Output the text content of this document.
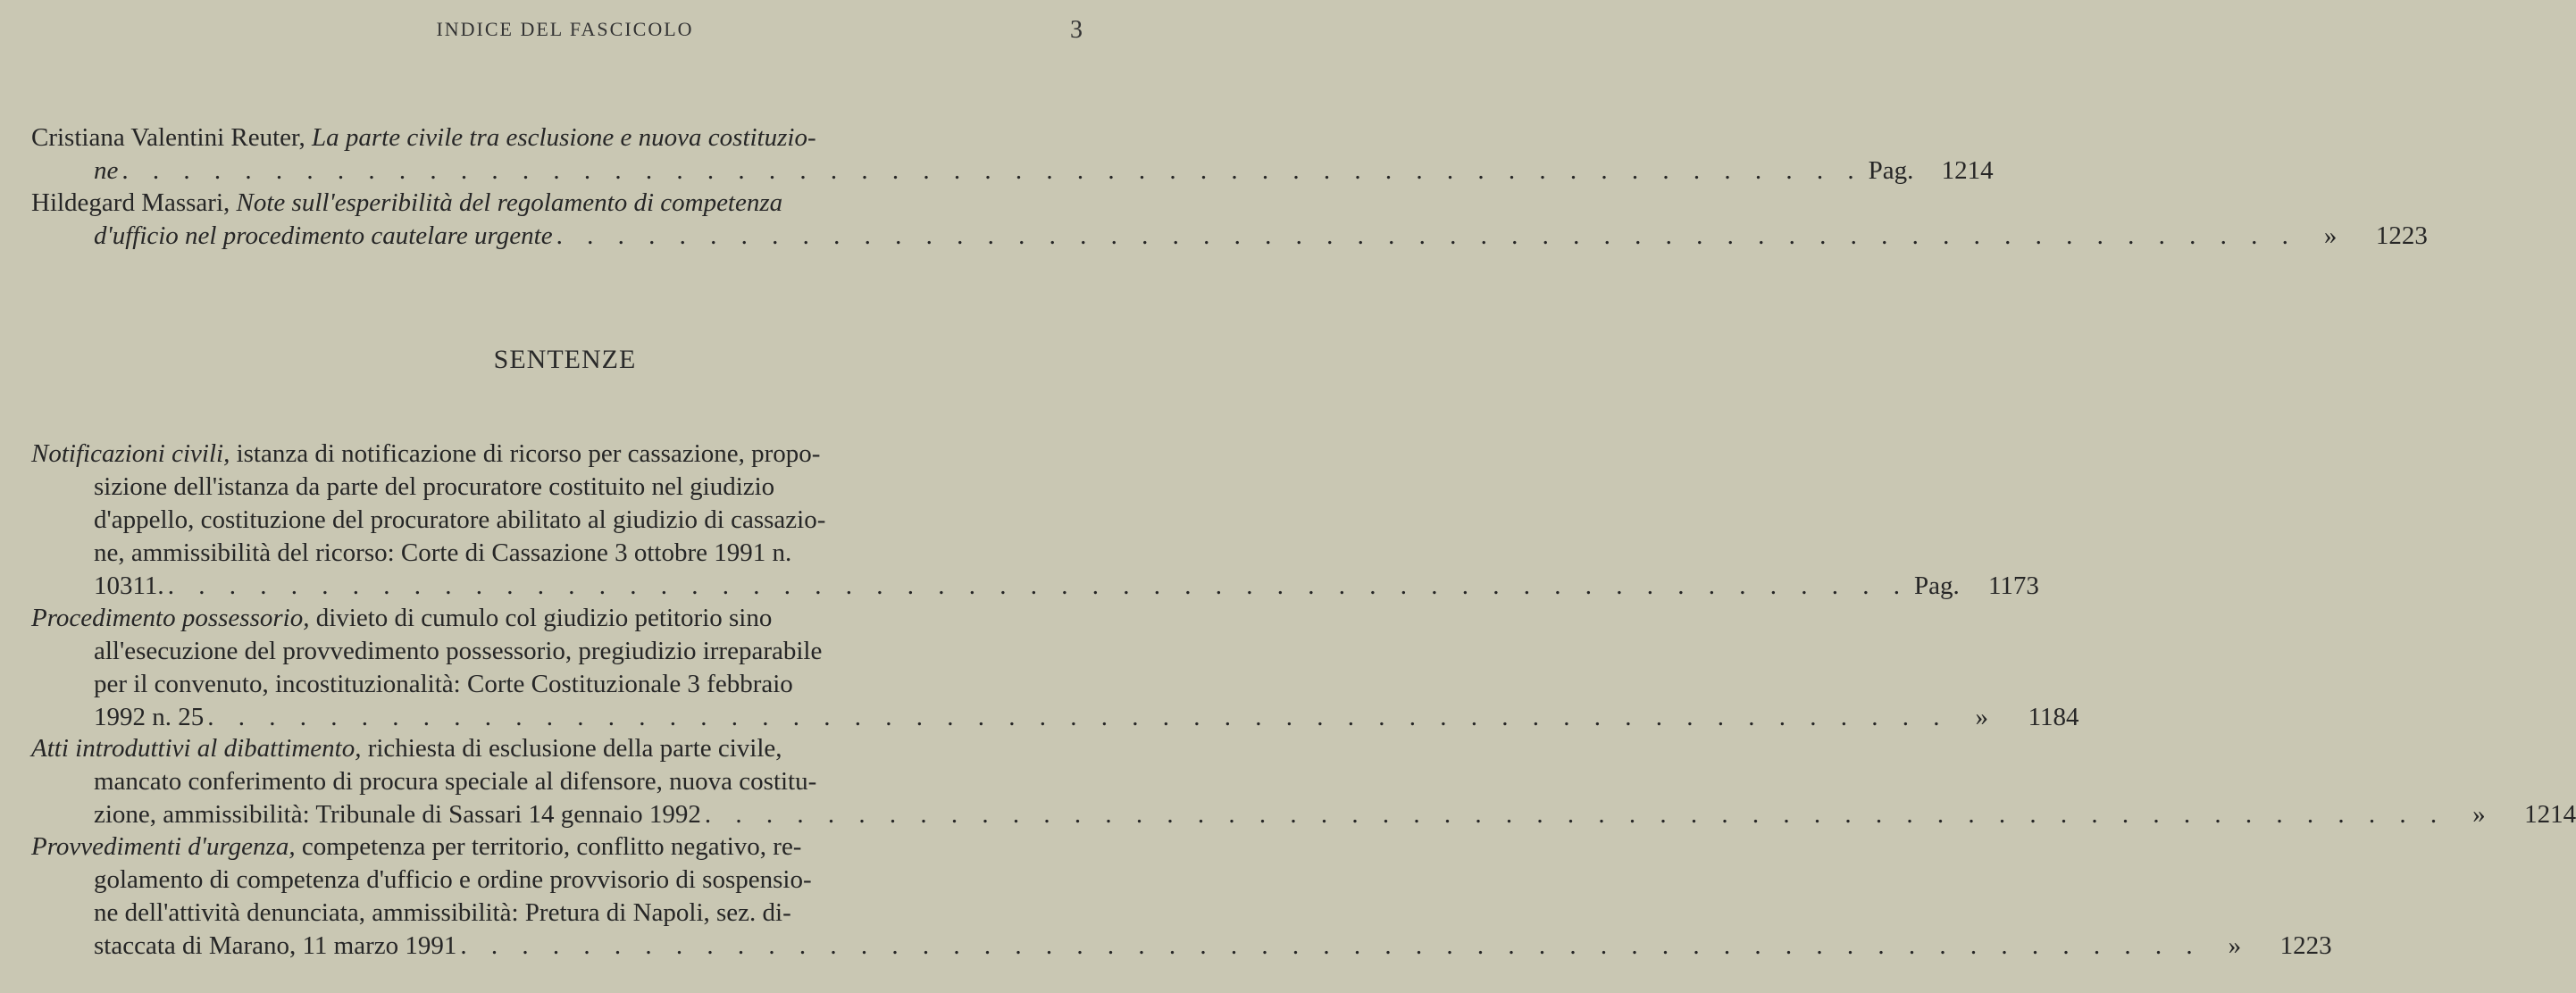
INDICE DEL FASCICOLO	3
Cristiana Valentini Reuter, La parte civile tra esclusione e nuova costituzio-
ne . . . . . . . . . . . . . . . . . . . . . . . . . . . . . . . . . . . . . . . . . . . . . . . . . . . . . . . . . Pag. 1214
Hildegard Massari, Note sull'esperibilità del regolamento di competenza
d'ufficio nel procedimento cautelare urgente . . . . . . . . . . . . . . . . . . . . . . . . . . . . . . . . . . . . . . . . . . . . . . . . . . . . . . . . .	» 1223
SENTENZE
Notificazioni civili, istanza di notificazione di ricorso per cassazione, propo-
sizione dell'istanza da parte del procuratore costituito nel giudizio
d'appello, costituzione del procuratore abilitato al giudizio di cassazio-
ne, ammissibilità del ricorso: Corte di Cassazione 3 ottobre 1991 n.
10311. . . . . . . . . . . . . . . . . . . . . . . . . . . . . . . . . . . . . . . . . . . . . . . . . . . . . . . . . . Pag. 1173
Procedimento possessorio, divieto di cumulo col giudizio petitorio sino
all'esecuzione del provvedimento possessorio, pregiudizio irreparabile
per il convenuto, incostituzionalità: Corte Costituzionale 3 febbraio
1992 n. 25 . . . . . . . . . . . . . . . . . . . . . . . . . . . . . . . . . . . . . . . . . . . . . . . . . . . . . . . . .	» 1184
Atti introduttivi al dibattimento, richiesta di esclusione della parte civile,
mancato conferimento di procura speciale al difensore, nuova costitu-
zione, ammissibilità: Tribunale di Sassari 14 gennaio 1992 . . . . . . . . . . . . . . . . . . . . . . . . . . . . . . . . . . . . . . . . . . . . . . . . . . . . . . . . .	» 1214
Provvedimenti d'urgenza, competenza per territorio, conflitto negativo, re-
golamento di competenza d'ufficio e ordine provvisorio di sospensio-
ne dell'attività denunciata, ammissibilità: Pretura di Napoli, sez. di-
staccata di Marano, 11 marzo 1991 . . . . . . . . . . . . . . . . . . . . . . . . . . . . . . . . . . . . . . . . . . . . . . . . . . . . . . . . .	» 1223
